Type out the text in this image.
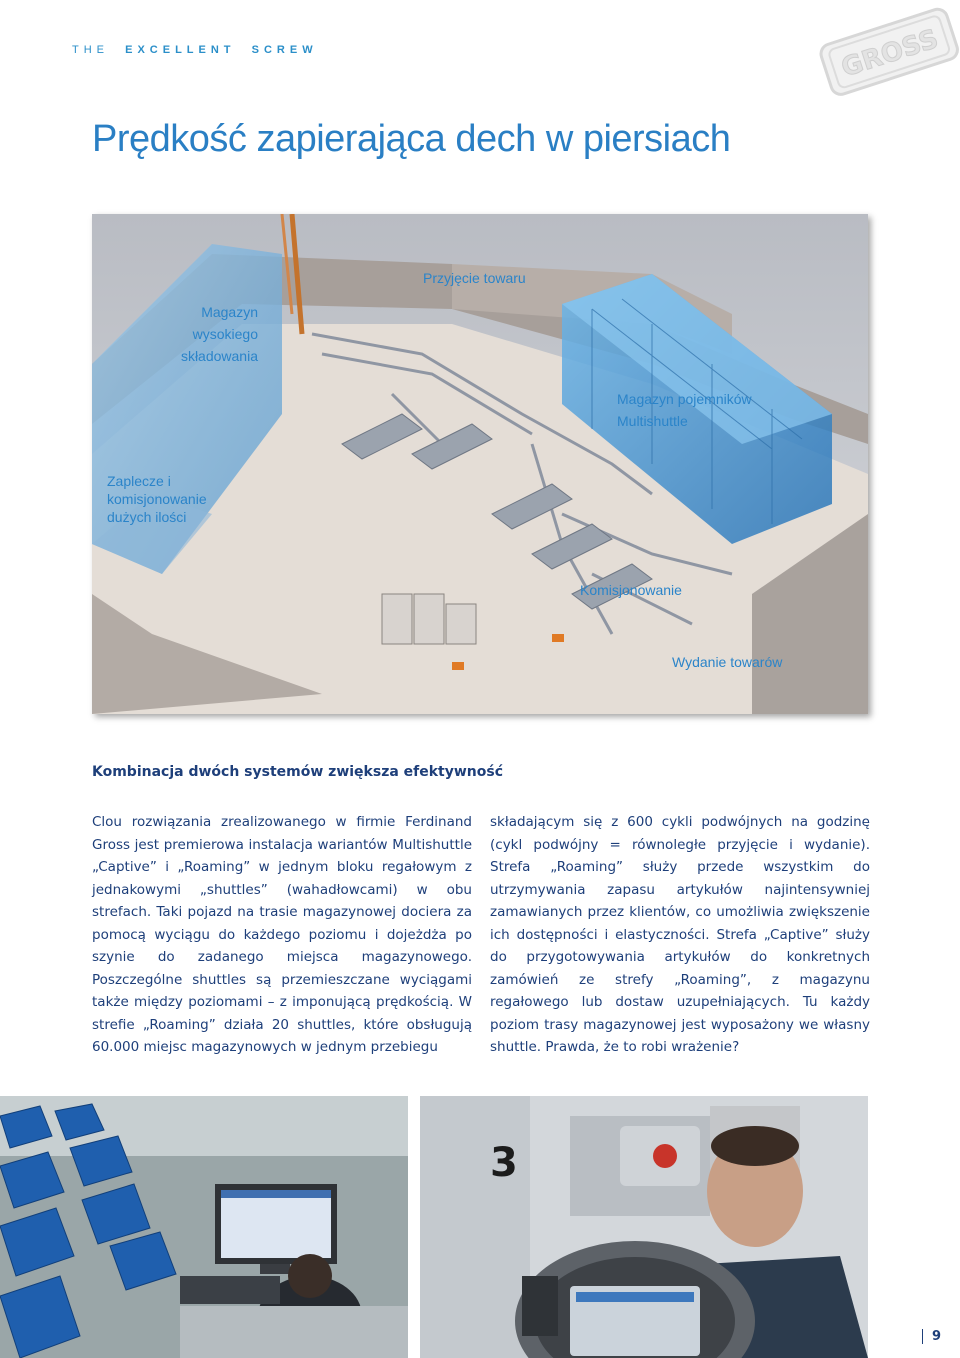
THE EXCELLENT SCREW	GROSS
Prędkość zapierająca dech w piersiach
Przyjęcie towaru
Magazyn wysokiego
składowania
Magazyn pojemników
Multishuttle
Zaplecze i
komisjonowanie
dużych ilości
Komisjonowanie
Wydanie towarów
Kombinacja dwóch systemów zwiększa efektywność

Clou rozwiązania zrealizowanego w firmie Ferdinand Gross jest premierowa instalacja wariantów Multishuttle „Captive” i „Roaming” w jednym bloku regałowym z jednakowymi „shuttles” (wahadłowcami) w obu strefach. Taki pojazd na trasie magazynowej dociera za pomocą wyciągu do każdego poziomu i dojeżdża po szynie do zadanego miejsca magazynowego. Poszczególne shuttles są przemieszczane wyciągami także między poziomami – z imponującą prędkością. W strefie „Roaming” działa 20 shuttles, które obsługują 60.000 miejsc magazynowych w jednym przebiegu

składającym się z 600 cykli podwójnych na godzinę (cykl podwójny = równoległe przyjęcie i wydanie). Strefa „Roaming” służy przede wszystkim do utrzymywania zapasu artykułów najintensywniej zamawianych przez klientów, co umożliwia zwiększenie ich dostępności i elastyczności. Strefa „Captive” służy do przygotowywania artykułów do konkretnych zamówień ze strefy „Roaming”, z magazynu regałowego lub dostaw uzupełniających. Tu każdy poziom trasy magazynowej jest wyposażony we własny shuttle. Prawda, że to robi wrażenie?

3
9
